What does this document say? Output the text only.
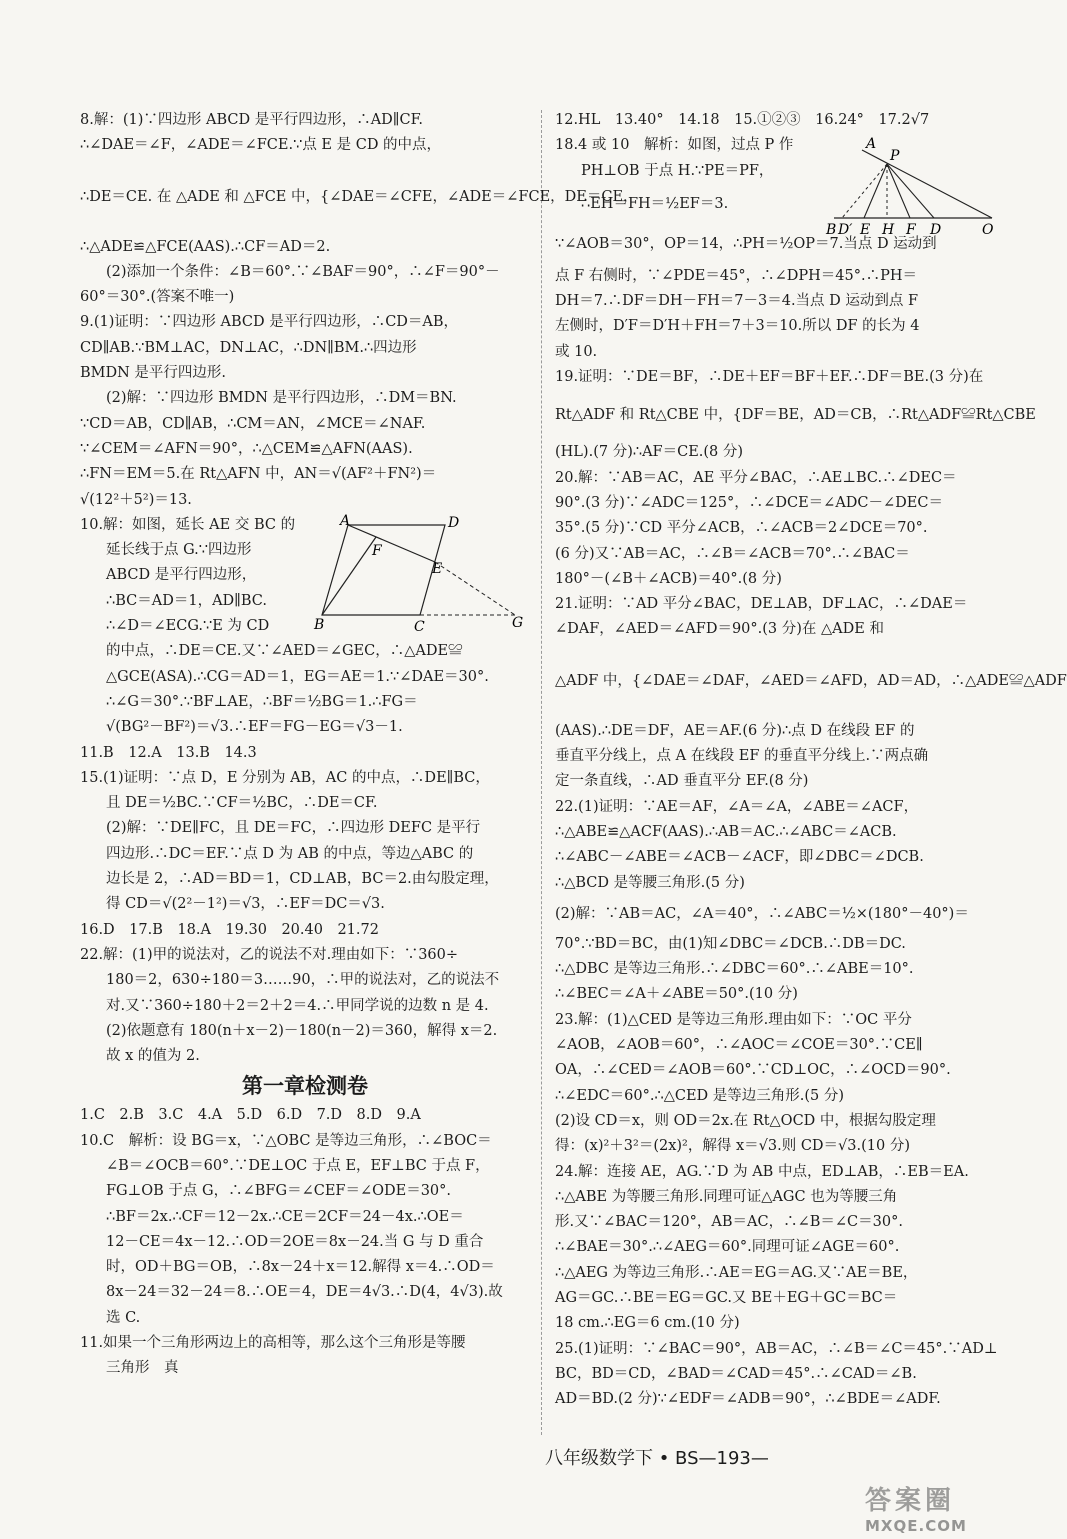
8.解：(1)∵四边形 ABCD 是平行四边形，∴AD∥CF.
∴∠DAE＝∠F，∠ADE＝∠FCE.∵点 E 是 CD 的中点，
∴DE＝CE. 在 △ADE 和 △FCE 中，{∠DAE＝∠CFE，∠ADE＝∠FCE，DE＝CE，
∴△ADE≌△FCE(AAS).∴CF＝AD＝2.
(2)添加一个条件：∠B＝60°.∵∠BAF＝90°，∴∠F＝90°－
60°＝30°.(答案不唯一)
9.(1)证明：∵四边形 ABCD 是平行四边形，∴CD＝AB，
CD∥AB.∵BM⊥AC，DN⊥AC，∴DN∥BM.∴四边形
BMDN 是平行四边形.
(2)解：∵四边形 BMDN 是平行四边形，∴DM＝BN.
∵CD＝AB，CD∥AB，∴CM＝AN，∠MCE＝∠NAF.
∵∠CEM＝∠AFN＝90°，∴△CEM≌△AFN(AAS).
∴FN＝EM＝5.在 Rt△AFN 中，AN＝√(AF²＋FN²)＝
√(12²＋5²)＝13.
10.解：如图，延长 AE 交 BC 的
延长线于点 G.∵四边形
ABCD 是平行四边形，
∴BC＝AD＝1，AD∥BC.
∴∠D＝∠ECG.∵E 为 CD
的中点，∴DE＝CE.又∵∠AED＝∠GEC，∴△ADE≌
△GCE(ASA).∴CG＝AD＝1，EG＝AE＝1.∵∠DAE＝30°.
∴∠G＝30°.∵BF⊥AE，∴BF＝½BG＝1.∴FG＝
√(BG²－BF²)＝√3.∴EF＝FG－EG＝√3－1.
11.B　12.A　13.B　14.3
15.(1)证明：∵点 D，E 分别为 AB，AC 的中点，∴DE∥BC，
且 DE＝½BC.∵CF＝½BC，∴DE＝CF.
(2)解：∵DE∥FC，且 DE＝FC，∴四边形 DEFC 是平行
四边形.∴DC＝EF.∵点 D 为 AB 的中点，等边△ABC 的
边长是 2，∴AD＝BD＝1，CD⊥AB，BC＝2.由勾股定理，
得 CD＝√(2²－1²)＝√3，∴EF＝DC＝√3.
16.D　17.B　18.A　19.30　20.40　21.72
22.解：(1)甲的说法对，乙的说法不对.理由如下：∵360÷
180＝2，630÷180＝3……90，∴甲的说法对，乙的说法不
对.又∵360÷180＋2＝2＋2＝4.∴甲同学说的边数 n 是 4.
(2)依题意有 180(n＋x－2)－180(n－2)＝360，解得 x＝2.
故 x 的值为 2.
第一章检测卷
1.C　2.B　3.C　4.A　5.D　6.D　7.D　8.D　9.A
10.C　解析：设 BG＝x，∵△OBC 是等边三角形，∴∠BOC＝
∠B＝∠OCB＝60°.∵DE⊥OC 于点 E，EF⊥BC 于点 F，
FG⊥OB 于点 G，∴∠BFG＝∠CEF＝∠ODE＝30°.
∴BF＝2x.∴CF＝12－2x.∴CE＝2CF＝24－4x.∴OE＝
12－CE＝4x－12.∴OD＝2OE＝8x－24.当 G 与 D 重合
时，OD＋BG＝OB，∴8x－24＋x＝12.解得 x＝4.∴OD＝
8x－24＝32－24＝8.∴OE＝4，DE＝4√3.∴D(4，4√3).故
选 C.
11.如果一个三角形两边上的高相等，那么这个三角形是等腰
三角形　真
A	D
F
E
B	C	G
12.HL　13.40°　14.18　15.①②③　16.24°　17.2√7
18.4 或 10　解析：如图，过点 P 作
PH⊥OB 于点 H.∵PE＝PF，
∴EH＝FH＝½EF＝3.
∵∠AOB＝30°，OP＝14，∴PH＝½OP＝7.当点 D 运动到
点 F 右侧时，∵∠PDE＝45°，∴∠DPH＝45°.∴PH＝
DH＝7.∴DF＝DH－FH＝7－3＝4.当点 D 运动到点 F
左侧时，D′F＝D′H＋FH＝7＋3＝10.所以 DF 的长为 4
或 10.
19.证明：∵DE＝BF，∴DE＋EF＝BF＋EF.∴DF＝BE.(3 分)在
Rt△ADF 和 Rt△CBE 中，{DF＝BE，AD＝CB，∴Rt△ADF≌Rt△CBE
(HL).(7 分)∴AF＝CE.(8 分)
20.解：∵AB＝AC，AE 平分∠BAC，∴AE⊥BC.∴∠DEC＝
90°.(3 分)∵∠ADC＝125°，∴∠DCE＝∠ADC－∠DEC＝
35°.(5 分)∵CD 平分∠ACB，∴∠ACB＝2∠DCE＝70°.
(6 分)又∵AB＝AC，∴∠B＝∠ACB＝70°.∴∠BAC＝
180°－(∠B＋∠ACB)＝40°.(8 分)
21.证明：∵AD 平分∠BAC，DE⊥AB，DF⊥AC，∴∠DAE＝
∠DAF，∠AED＝∠AFD＝90°.(3 分)在 △ADE 和
△ADF 中，{∠DAE＝∠DAF，∠AED＝∠AFD，AD＝AD，∴△ADE≌△ADF
(AAS).∴DE＝DF，AE＝AF.(6 分)∴点 D 在线段 EF 的
垂直平分线上，点 A 在线段 EF 的垂直平分线上.∵两点确
定一条直线，∴AD 垂直平分 EF.(8 分)
22.(1)证明：∵AE＝AF，∠A＝∠A，∠ABE＝∠ACF，
∴△ABE≌△ACF(AAS).∴AB＝AC.∴∠ABC＝∠ACB.
∴∠ABC－∠ABE＝∠ACB－∠ACF，即∠DBC＝∠DCB.
∴△BCD 是等腰三角形.(5 分)
(2)解：∵AB＝AC，∠A＝40°，∴∠ABC＝½×(180°－40°)＝
70°.∵BD＝BC，由(1)知∠DBC＝∠DCB.∴DB＝DC.
∴△DBC 是等边三角形.∴∠DBC＝60°.∴∠ABE＝10°.
∴∠BEC＝∠A＋∠ABE＝50°.(10 分)
23.解：(1)△CED 是等边三角形.理由如下：∵OC 平分
∠AOB，∠AOB＝60°，∴∠AOC＝∠COE＝30°.∵CE∥
OA，∴∠CED＝∠AOB＝60°.∵CD⊥OC，∴∠OCD＝90°.
∴∠EDC＝60°.∴△CED 是等边三角形.(5 分)
(2)设 CD＝x，则 OD＝2x.在 Rt△OCD 中，根据勾股定理
得：(x)²＋3²＝(2x)²，解得 x＝√3.则 CD＝√3.(10 分)
24.解：连接 AE，AG.∵D 为 AB 中点，ED⊥AB，∴EB＝EA.
∴△ABE 为等腰三角形.同理可证△AGC 也为等腰三角
形.又∵∠BAC＝120°，AB＝AC，∴∠B＝∠C＝30°.
∴∠BAE＝30°.∴∠AEG＝60°.同理可证∠AGE＝60°.
∴△AEG 为等边三角形.∴AE＝EG＝AG.又∵AE＝BE，
AG＝GC.∴BE＝EG＝GC.又 BE＋EG＋GC＝BC＝
18 cm.∴EG＝6 cm.(10 分)
25.(1)证明：∵∠BAC＝90°，AB＝AC，∴∠B＝∠C＝45°.∵AD⊥
BC，BD＝CD，∠BAD＝∠CAD＝45°.∴∠CAD＝∠B.
AD＝BD.(2 分)∵∠EDF＝∠ADB＝90°，∴∠BDE＝∠ADF.
A
P
B D′ E H F D	O
八年级数学下 • BS—193—
答案圈
MXQE.COM
